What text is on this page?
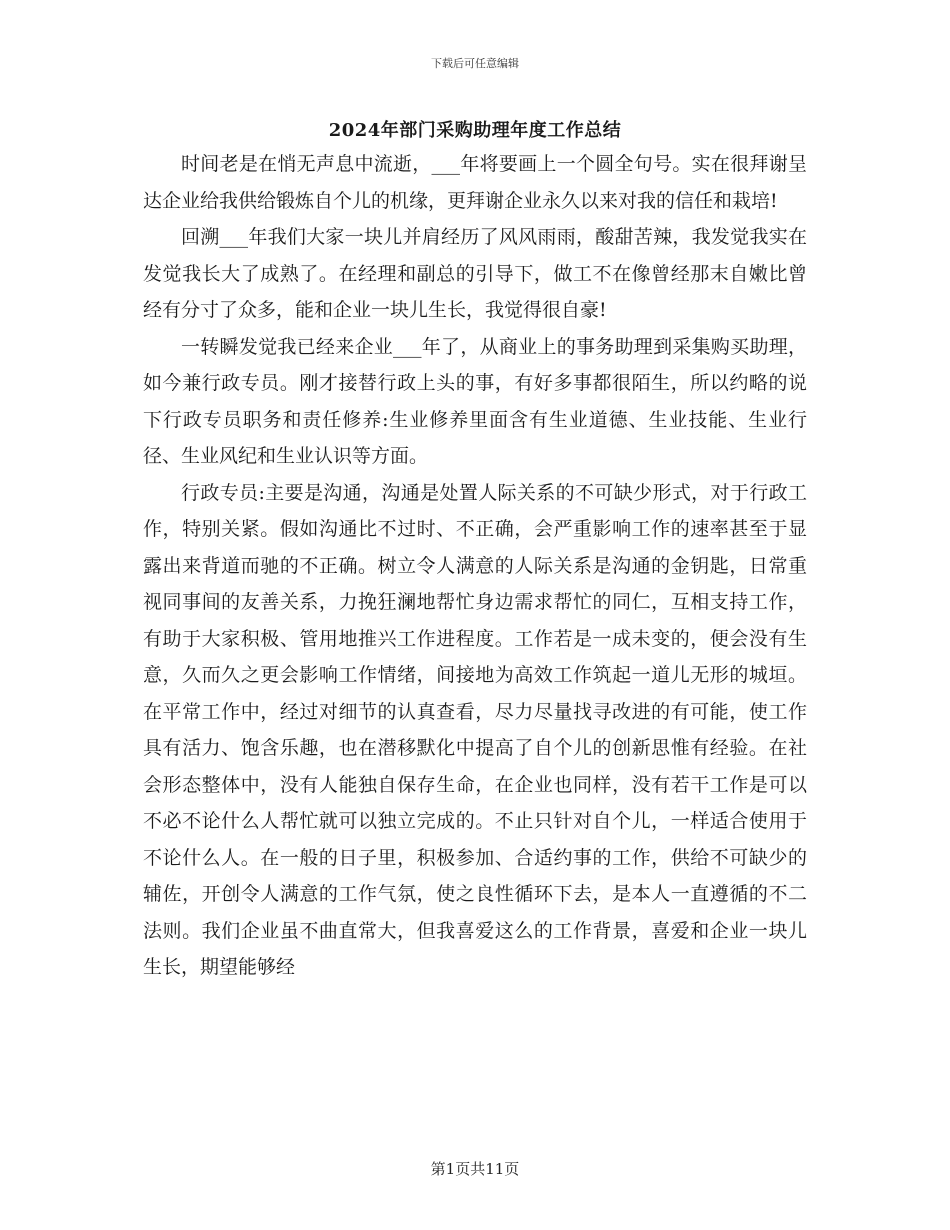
下载后可任意编辑
2024年部门采购助理年度工作总结

时间老是在悄无声息中流逝，___年将要画上一个圆全句号。实在很拜谢呈达企业给我供给锻炼自个儿的机缘，更拜谢企业永久以来对我的信任和栽培!

回溯___年我们大家一块儿并肩经历了风风雨雨，酸甜苦辣，我发觉我实在发觉我长大了成熟了。在经理和副总的引导下，做工不在像曾经那末自嫩比曾经有分寸了众多，能和企业一块儿生长，我觉得很自豪!

一转瞬发觉我已经来企业___年了，从商业上的事务助理到采集购买助理，如今兼行政专员。刚才接替行政上头的事，有好多事都很陌生，所以约略的说下行政专员职务和责任修养:生业修养里面含有生业道德、生业技能、生业行径、生业风纪和生业认识等方面。

行政专员:主要是沟通，沟通是处置人际关系的不可缺少形式，对于行政工作，特别关紧。假如沟通比不过时、不正确，会严重影响工作的速率甚至于显露出来背道而驰的不正确。树立令人满意的人际关系是沟通的金钥匙，日常重视同事间的友善关系，力挽狂澜地帮忙身边需求帮忙的同仁，互相支持工作，有助于大家积极、管用地推兴工作进程度。工作若是一成未变的，便会没有生意，久而久之更会影响工作情绪，间接地为高效工作筑起一道儿无形的城垣。在平常工作中，经过对细节的认真查看，尽力尽量找寻改进的有可能，使工作具有活力、饱含乐趣，也在潜移默化中提高了自个儿的创新思惟有经验。在社会形态整体中，没有人能独自保存生命，在企业也同样，没有若干工作是可以不必不论什么人帮忙就可以独立完成的。不止只针对自个儿，一样适合使用于不论什么人。在一般的日子里，积极参加、合适约事的工作，供给不可缺少的辅佐，开创令人满意的工作气氛，使之良性循环下去，是本人一直遵循的不二法则。我们企业虽不曲直常大，但我喜爱这么的工作背景，喜爱和企业一块儿生长，期望能够经

第1页共11页
